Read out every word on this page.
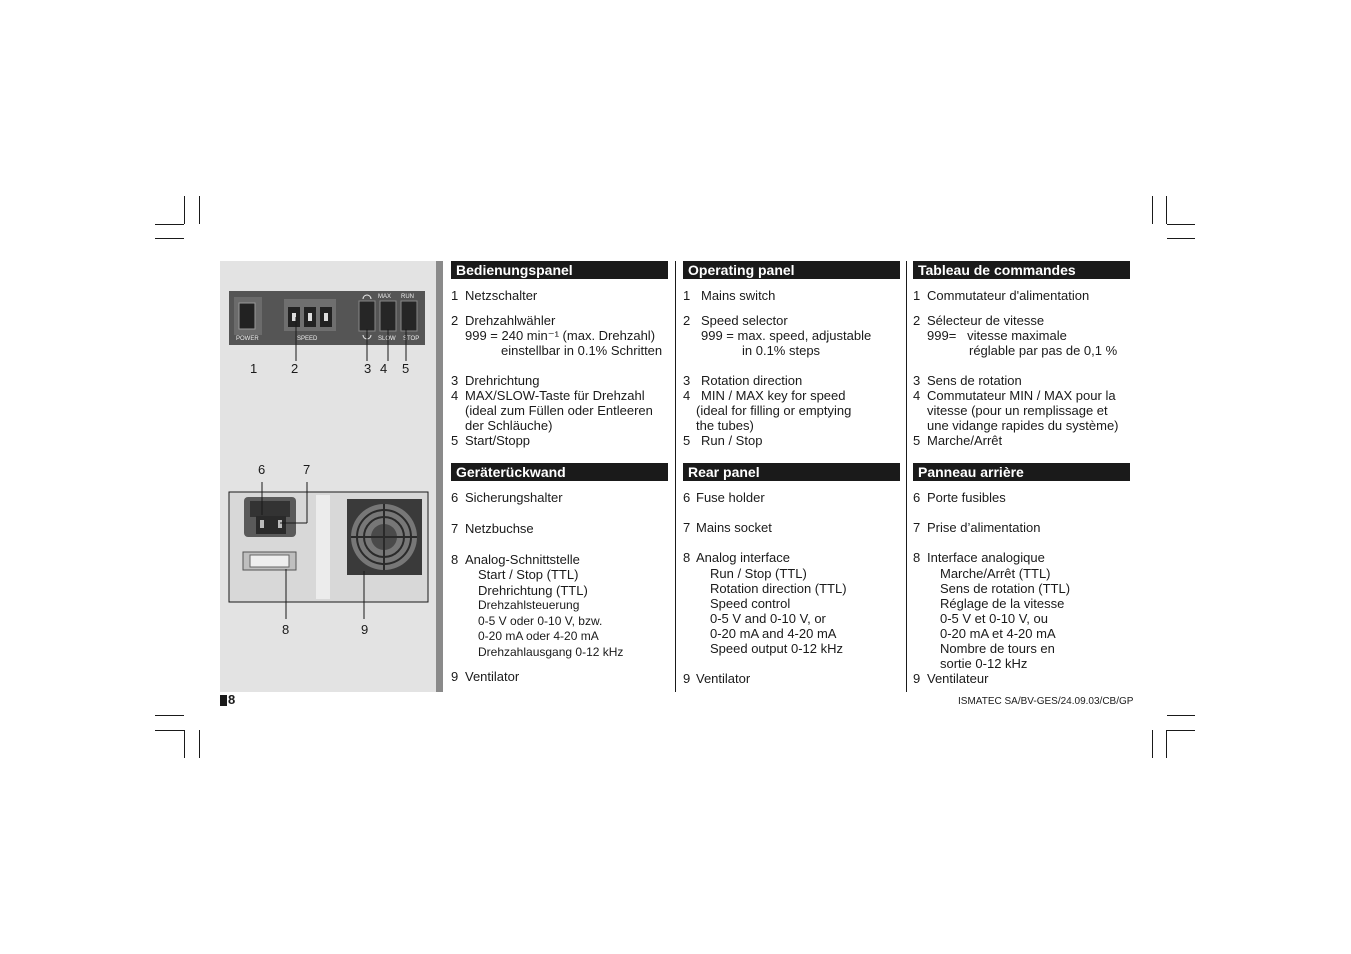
POWER	SPEED
MAX RUN
SLOW STOP
1	2	3 4 5
6	7
8	9
Bedienungspanel
1 Netzschalter
2 Drehzahlwähler
999 = 240 min⁻¹ (max. Drehzahl)
einstellbar in 0.1% Schritten
3 Drehrichtung
4 MAX/SLOW-Taste für Drehzahl
(ideal zum Füllen oder Entleeren
der Schläuche)
5 Start/Stopp
Geräterückwand
6 Sicherungshalter
7 Netzbuchse
8 Analog-Schnittstelle
Start / Stop (TTL)
Drehrichtung (TTL)
Drehzahlsteuerung
0-5 V oder 0-10 V, bzw.
0-20 mA oder 4-20 mA
Drehzahlausgang 0-12 kHz
9 Ventilator
Operating panel
1 Mains switch
2 Speed selector
999 = max. speed, adjustable
in 0.1% steps
3 Rotation direction
4 MIN / MAX key for speed
(ideal for filling or emptying
the tubes)
5 Run / Stop
Rear panel
6 Fuse holder
7 Mains socket
8 Analog interface
Run / Stop (TTL)
Rotation direction (TTL)
Speed control
0-5 V and 0-10 V, or
0-20 mA and 4-20 mA
Speed output 0-12 kHz
9 Ventilator
Tableau de commandes
1 Commutateur d'alimentation
2 Sélecteur de vitesse
999=   vitesse maximale
réglable par pas de 0,1 %
3 Sens de rotation
4 Commutateur MIN / MAX pour la
vitesse (pour un remplissage et
une vidange rapides du système)
5 Marche/Arrêt
Panneau arrière
6 Porte fusibles
7 Prise d’alimentation
8 Interface analogique
Marche/Arrêt (TTL)
Sens de rotation (TTL)
Réglage de la vitesse
0-5 V et 0-10 V, ou
0-20 mA et 4-20 mA
Nombre de tours en
sortie 0-12 kHz
9 Ventilateur
8	ISMATEC SA/BV-GES/24.09.03/CB/GP
